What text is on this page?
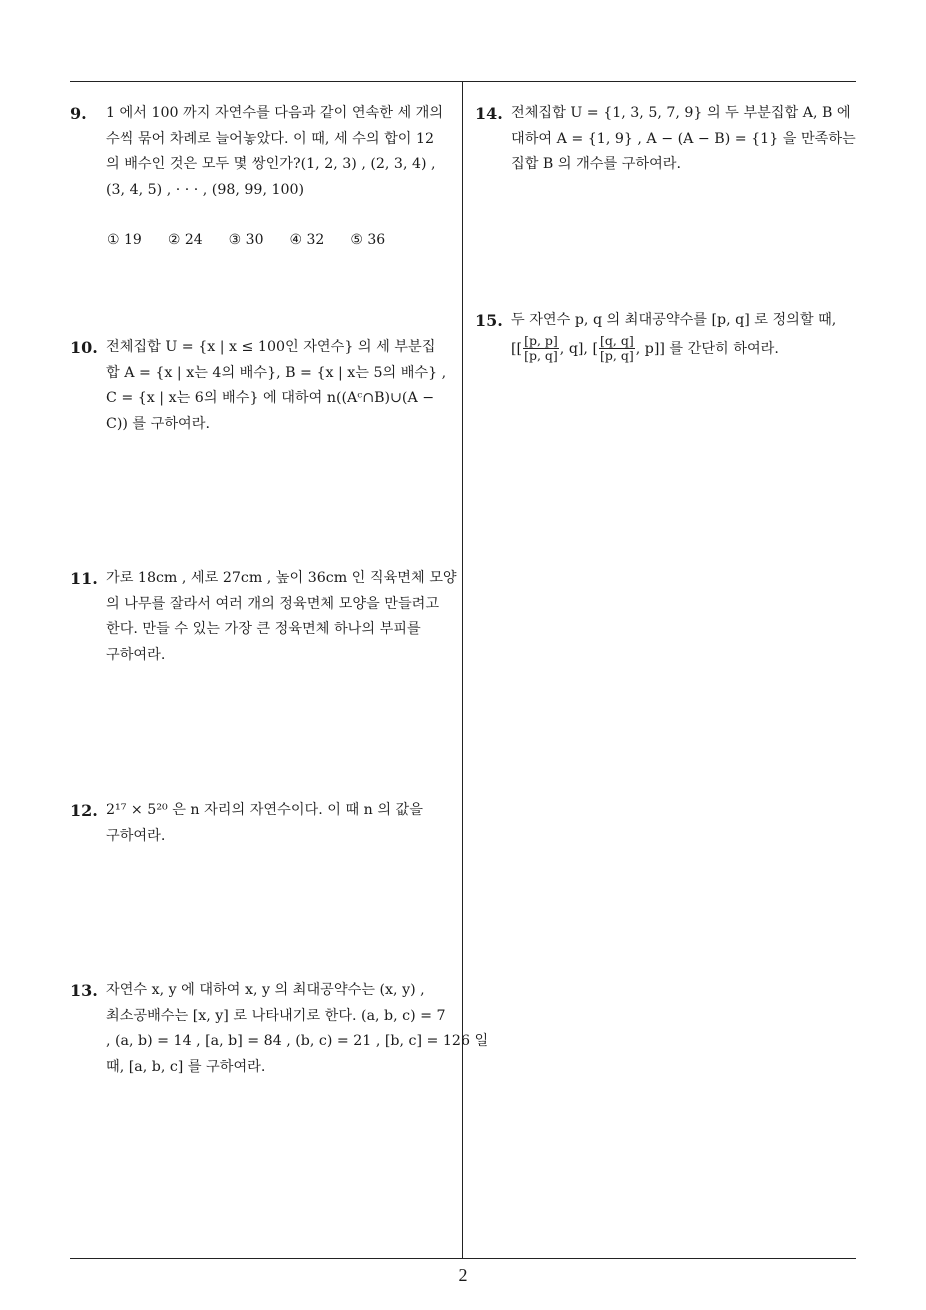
9. 1 에서 100 까지 자연수를 다음과 같이 연속한 세 개의
수씩 묶어 차례로 늘어놓았다. 이 때, 세 수의 합이 12
의 배수인 것은 모두 몇 쌍인가?(1, 2, 3) , (2, 3, 4) ,
(3, 4, 5) , · · · , (98, 99, 100)
① 19 ② 24 ③ 30 ④ 32 ⑤ 36
10. 전체집합 U = {x | x ≤ 100인 자연수} 의 세 부분집
합 A = {x | x는 4의 배수}, B = {x | x는 5의 배수} ,
C = {x | x는 6의 배수} 에 대하여 n((Aᶜ∩B)∪(A −
C)) 를 구하여라.
11. 가로 18cm , 세로 27cm , 높이 36cm 인 직육면체 모양
의 나무를 잘라서 여러 개의 정육면체 모양을 만들려고
한다. 만들 수 있는 가장 큰 정육면체 하나의 부피를
구하여라.
12. 2¹⁷ × 5²⁰ 은 n 자리의 자연수이다. 이 때 n 의 값을
구하여라.
13. 자연수 x, y 에 대하여 x, y 의 최대공약수는 (x, y) ,
최소공배수는 [x, y] 로 나타내기로 한다. (a, b, c) = 7
, (a, b) = 14 , [a, b] = 84 , (b, c) = 21 , [b, c] = 126 일
때, [a, b, c] 를 구하여라.
14. 전체집합 U = {1, 3, 5, 7, 9} 의 두 부분집합 A, B 에
대하여 A = {1, 9} , A − (A − B) = {1} 을 만족하는
집합 B 의 개수를 구하여라.
15. 두 자연수 p, q 의 최대공약수를 [p, q] 로 정의할 때,
[[ $\frac{[p, p]}{[p, q]}$ , q], [ $\frac{[q, q]}{[p, q]}$ , p]] 를 간단히 하여라.
2
